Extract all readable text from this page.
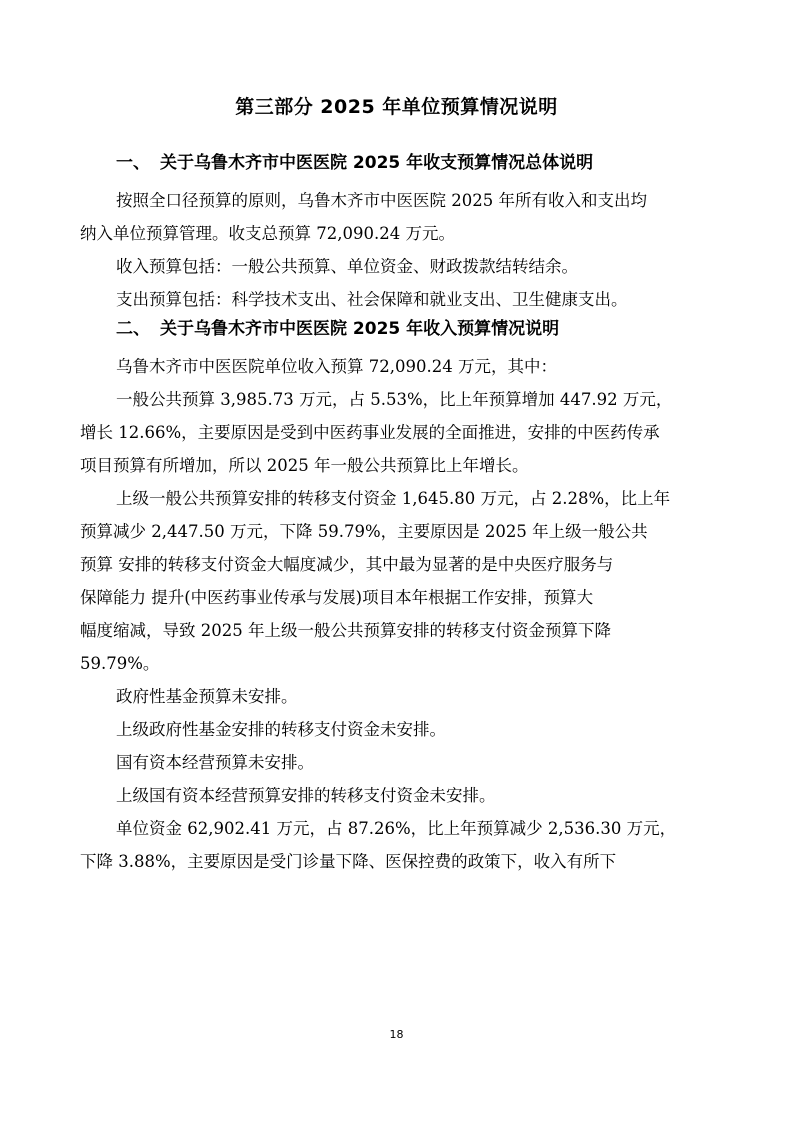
第三部分 2025 年单位预算情况说明
一、 关于乌鲁木齐市中医医院 2025 年收支预算情况总体说明

按照全口径预算的原则，乌鲁木齐市中医医院 2025 年所有收入和支出均

纳入单位预算管理。收支总预算 72,090.24 万元。

收入预算包括：一般公共预算、单位资金、财政拨款结转结余。

支出预算包括：科学技术支出、社会保障和就业支出、卫生健康支出。

二、 关于乌鲁木齐市中医医院 2025 年收入预算情况说明

乌鲁木齐市中医医院单位收入预算 72,090.24 万元，其中：

一般公共预算 3,985.73 万元，占 5.53%，比上年预算增加 447.92 万元，

增长 12.66%，主要原因是受到中医药事业发展的全面推进，安排的中医药传承

项目预算有所增加，所以 2025 年一般公共预算比上年增长。

上级一般公共预算安排的转移支付资金 1,645.80 万元，占 2.28%，比上年

预算减少 2,447.50 万元，下降 59.79%，主要原因是 2025 年上级一般公共

预算 安排的转移支付资金大幅度减少，其中最为显著的是中央医疗服务与

保障能力 提升(中医药事业传承与发展)项目本年根据工作安排，预算大

幅度缩减，导致 2025 年上级一般公共预算安排的转移支付资金预算下降

59.79%。

政府性基金预算未安排。

上级政府性基金安排的转移支付资金未安排。

国有资本经营预算未安排。

上级国有资本经营预算安排的转移支付资金未安排。

单位资金 62,902.41 万元，占 87.26%，比上年预算减少 2,536.30 万元，

下降 3.88%，主要原因是受门诊量下降、医保控费的政策下，收入有所下

18
